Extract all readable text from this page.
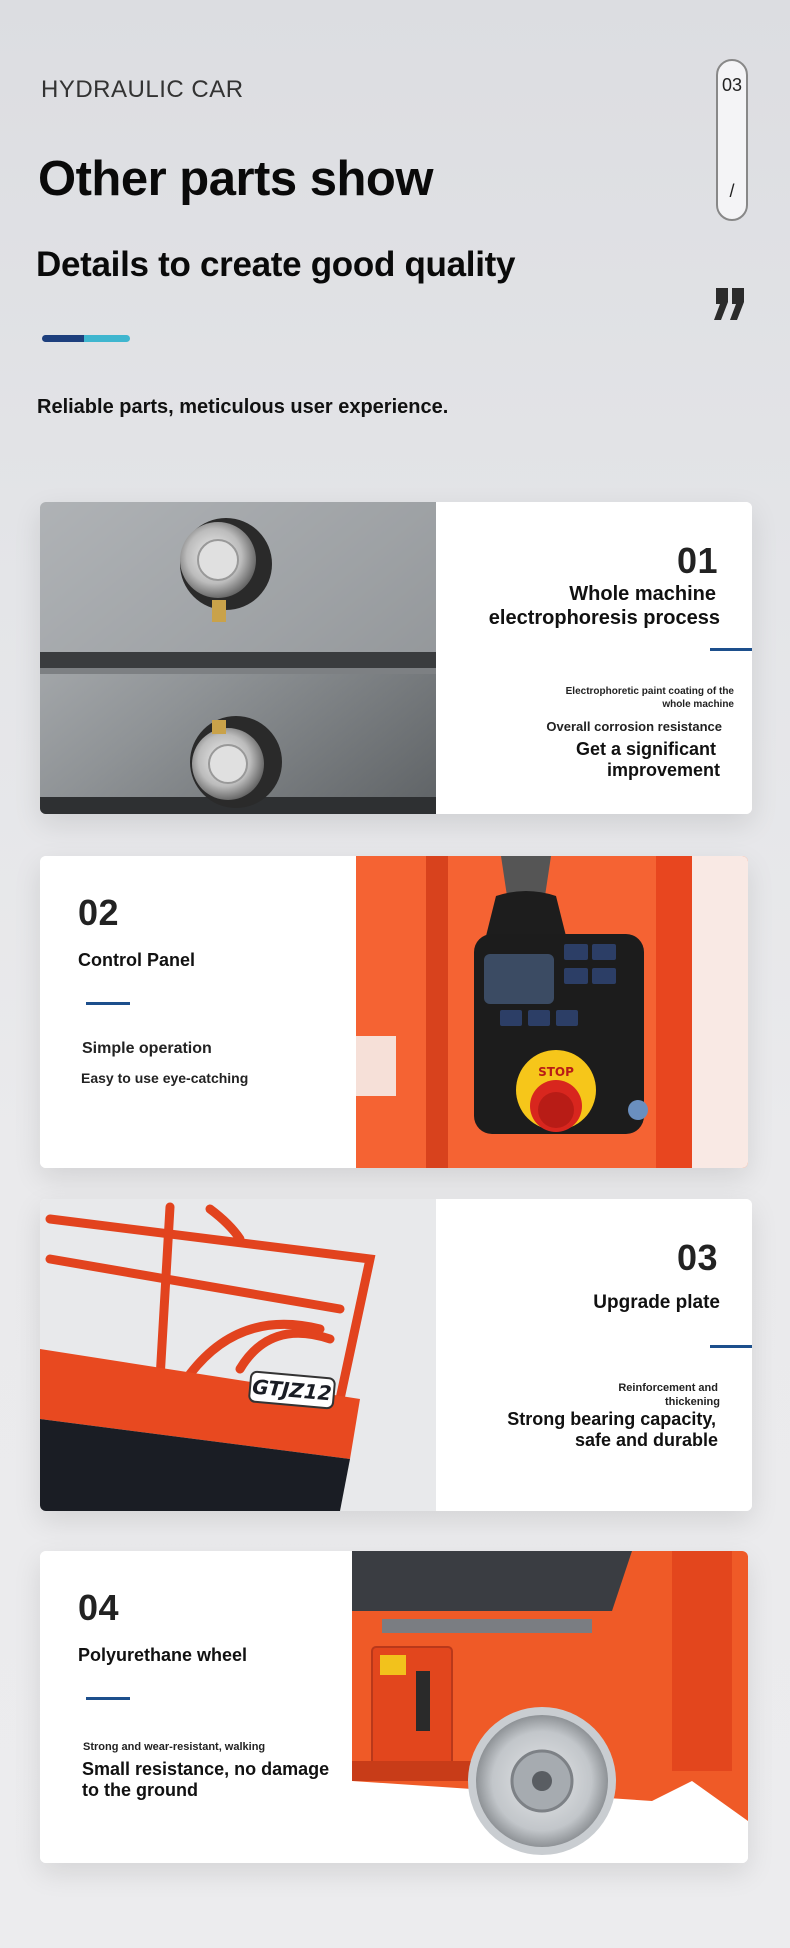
HYDRAULIC CAR
Other parts show
Details to create good quality
Reliable parts, meticulous user experience.
03
/
01
Whole machine
electrophoresis process
Electrophoretic paint coating of the
whole machine
Overall corrosion resistance
Get a significant
improvement
02
Control Panel
Simple operation
Easy to use eye-catching	STOP
GTJZ12
03
Upgrade plate
Reinforcement and
thickening
Strong bearing capacity,
safe and durable
04
Polyurethane wheel
Strong and wear-resistant, walking
Small resistance, no damage
to the ground
